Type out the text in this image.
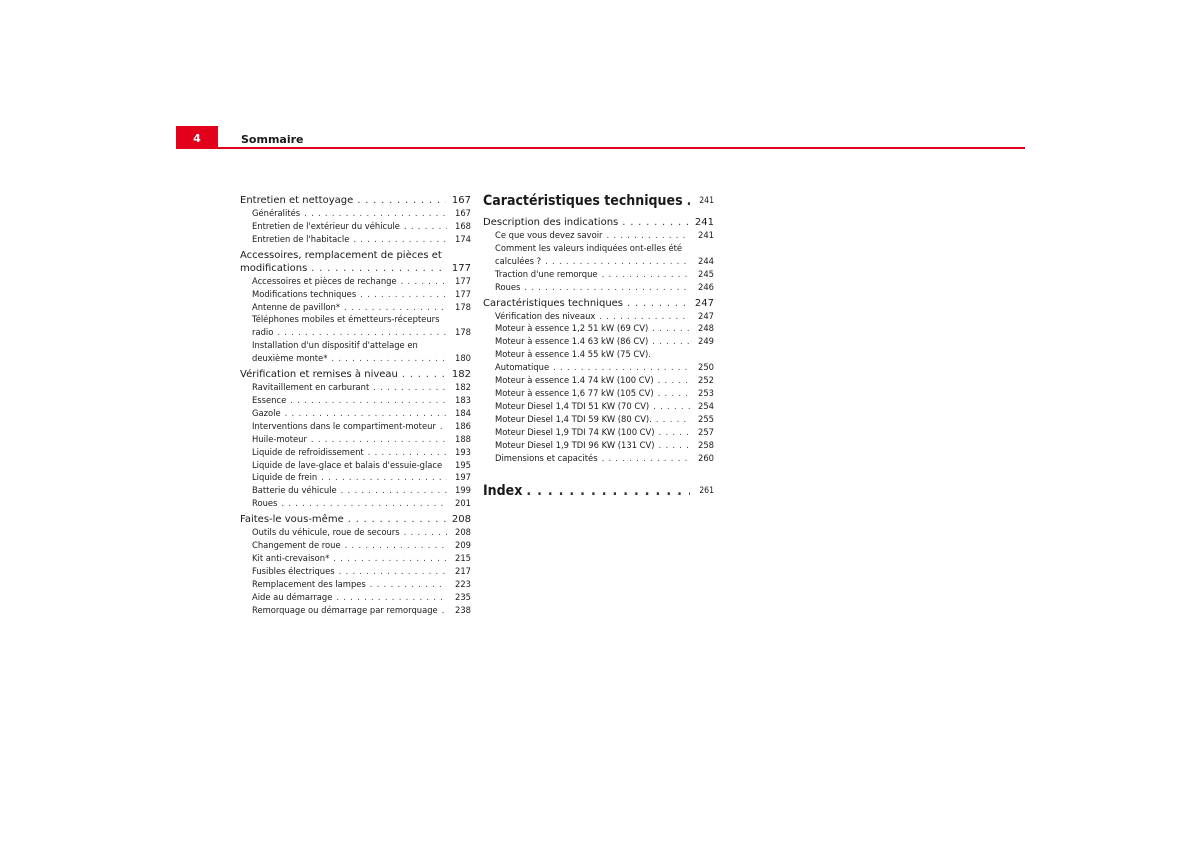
4	Sommaire
Entretien et nettoyage . . .	167
Généralités . . .	167
Entretien de l'extérieur du véhicule . . .	168
Entretien de l'habitacle . . .	174
Accessoires, remplacement de pièces et
modifications . . .	177
Accessoires et pièces de rechange . . .	177
Modifications techniques . . .	177
Antenne de pavillon* . . .	178
Téléphones mobiles et émetteurs-récepteurs
radio . . .	178
Installation d'un dispositif d'attelage en
deuxième monte* . . .	180
Vérification et remises à niveau . . .	182
Ravitaillement en carburant . . .	182
Essence . . .	183
Gazole . . .	184
Interventions dans le compartiment-moteur . . . 186
Huile-moteur . . .	188
Liquide de refroidissement . . .	193
Liquide de lave-glace et balais d'essuie-glace . . . 195
Liquide de frein . . .	197
Batterie du véhicule . . .	199
Roues . . .	201
Faites-le vous-même . . .	208
Outils du véhicule, roue de secours . . .	208
Changement de roue . . .	209
Kit anti-crevaison* . . .	215
Fusibles électriques . . .	217
Remplacement des lampes . . .	223
Aide au démarrage . . .	235
Remorquage ou démarrage par remorquage . . . 238
Caractéristiques techniques . . .	241
Description des indications . . .	241
Ce que vous devez savoir . . .	241
Comment les valeurs indiquées ont-elles été
calculées ? . . .	244
Traction d'une remorque . . .	245
Roues . . .	246
Caractéristiques techniques . . .	247
Vérification des niveaux . . .	247
Moteur à essence 1,2 51 kW (69 CV) . . .	248
Moteur à essence 1.4 63 kW (86 CV) . . .	249
Moteur à essence 1.4 55 kW (75 CV).
Automatique . . .	250
Moteur à essence 1.4 74 kW (100 CV) . . .	252
Moteur à essence 1,6 77 kW (105 CV) . . .	253
Moteur Diesel 1,4 TDI 51 KW (70 CV) . . .	254
Moteur Diesel 1,4 TDI 59 KW (80 CV). . . .	255
Moteur Diesel 1,9 TDI 74 KW (100 CV) . . .	257
Moteur Diesel 1,9 TDI 96 KW (131 CV) . . .	258
Dimensions et capacités . . .	260
Index . . .	261
